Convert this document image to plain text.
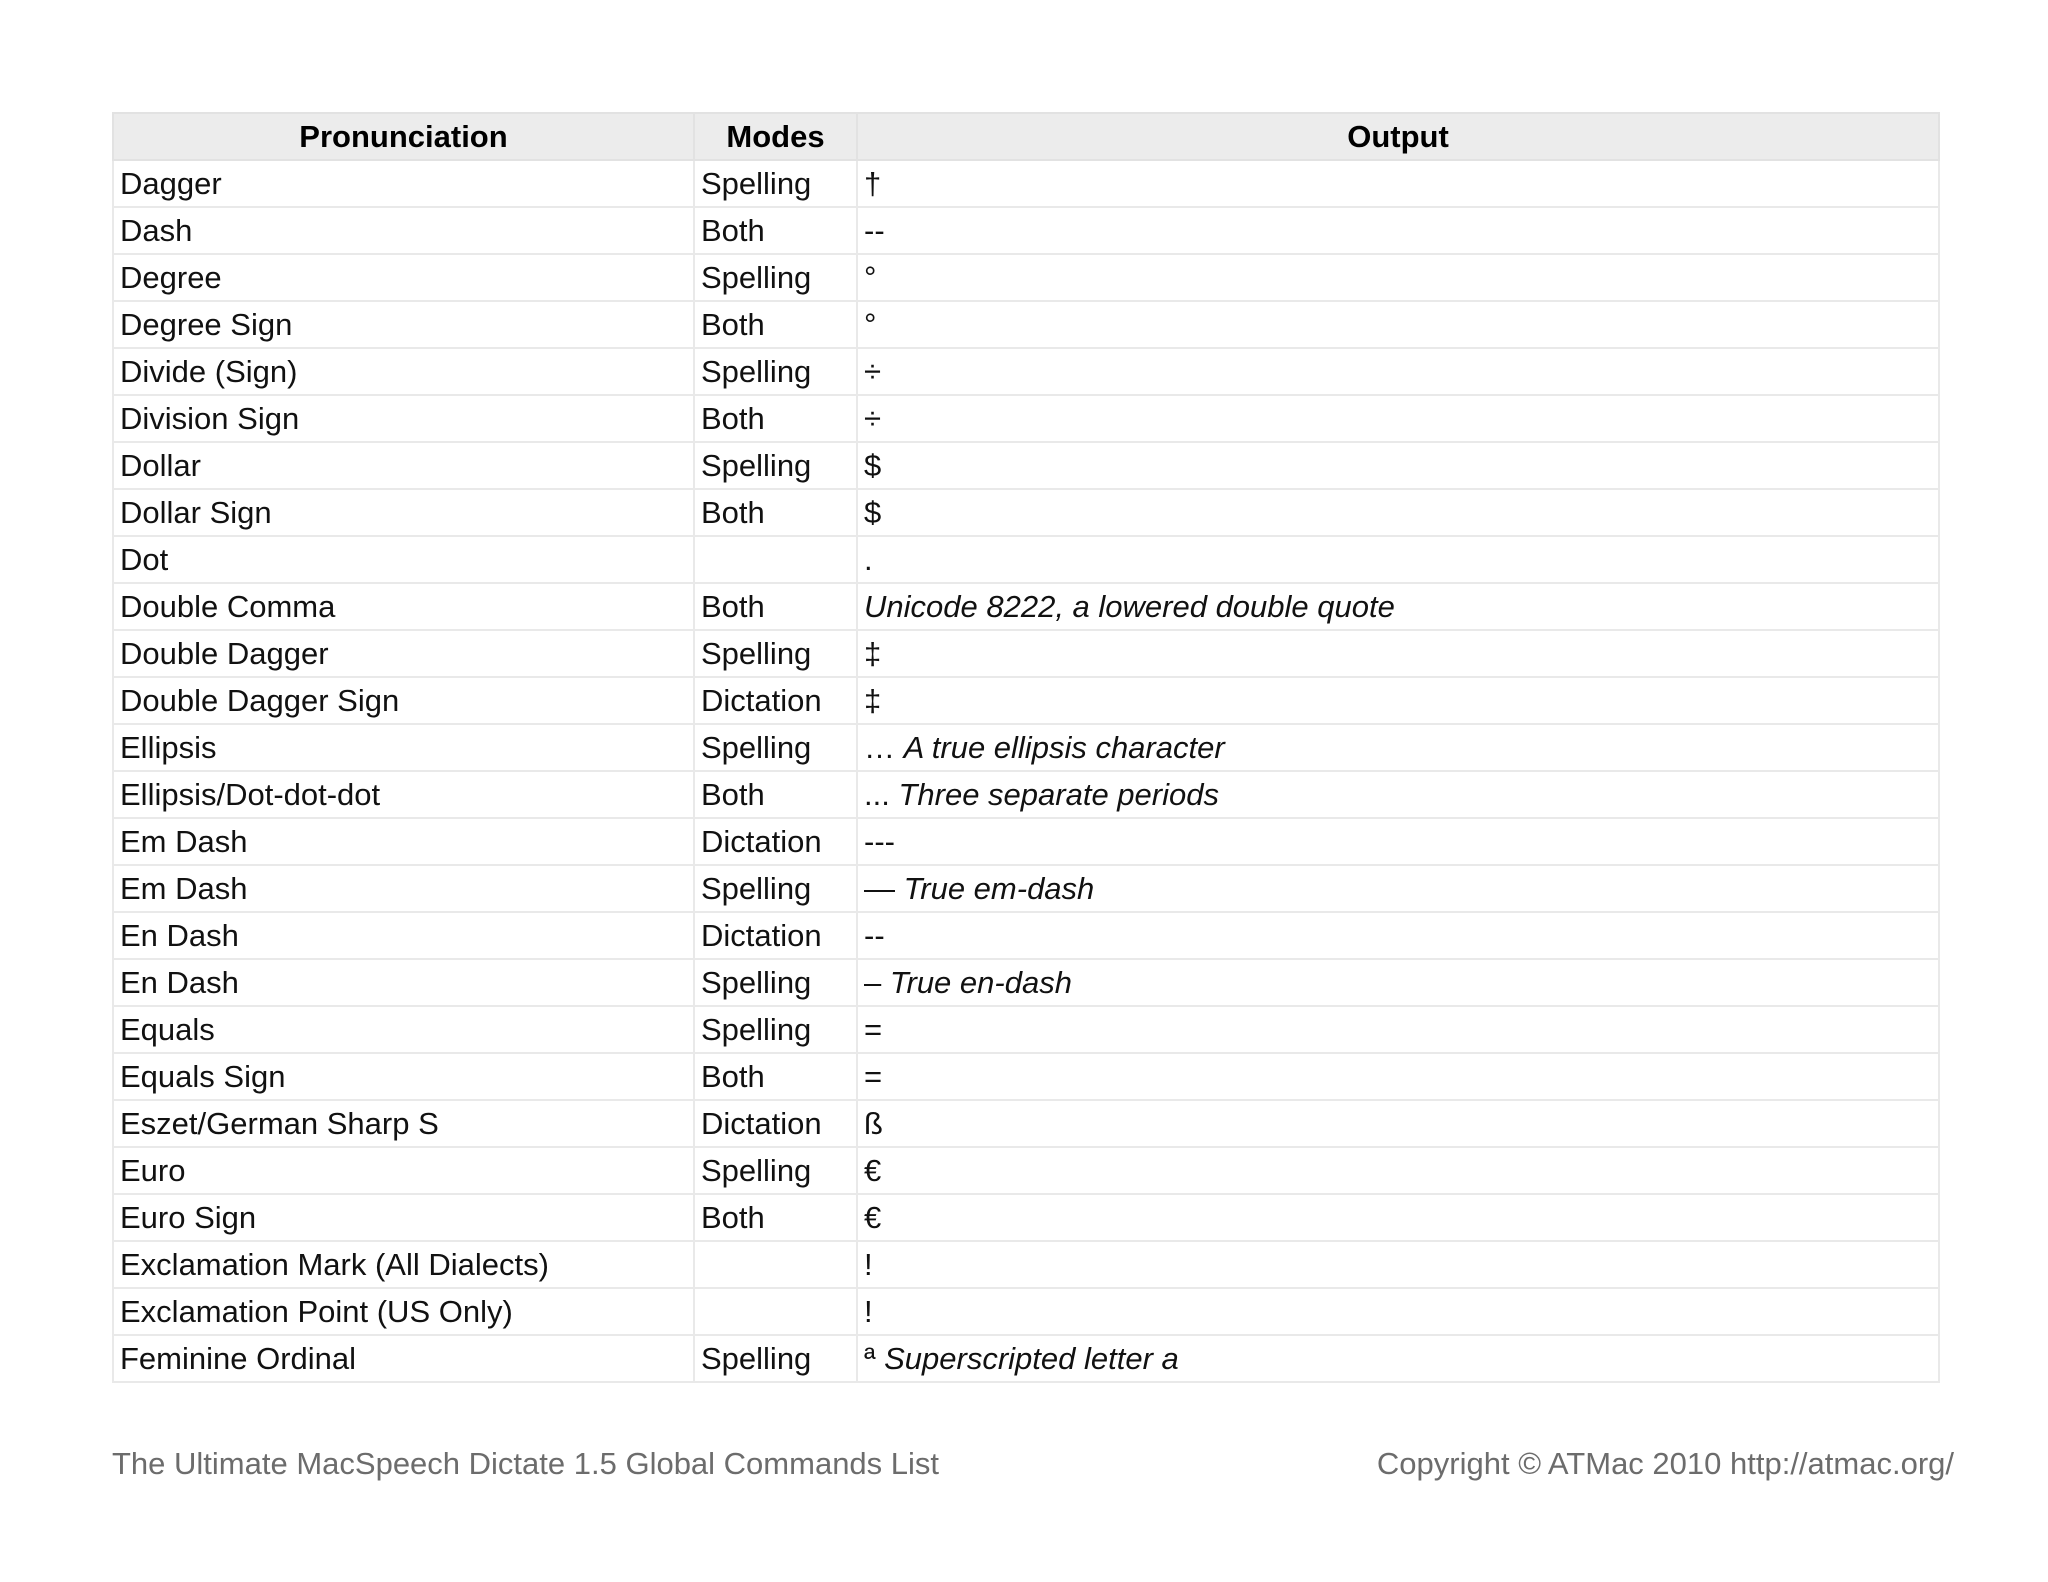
Pronunciation	Modes	Output
Dagger	Spelling	†
Dash	Both	--
Degree	Spelling	°
Degree Sign	Both	°
Divide (Sign)	Spelling	÷
Division Sign	Both	÷
Dollar	Spelling	$
Dollar Sign	Both	$
Dot		.
Double Comma	Both	Unicode 8222, a lowered double quote
Double Dagger	Spelling	‡
Double Dagger Sign	Dictation	‡
Ellipsis	Spelling	… A true ellipsis character
Ellipsis/Dot-dot-dot	Both	... Three separate periods
Em Dash	Dictation	---
Em Dash	Spelling	— True em-dash
En Dash	Dictation	--
En Dash	Spelling	– True en-dash
Equals	Spelling	=
Equals Sign	Both	=
Eszet/German Sharp S	Dictation	ß
Euro	Spelling	€
Euro Sign	Both	€
Exclamation Mark (All Dialects)		!
Exclamation Point (US Only)		!
Feminine Ordinal	Spelling	ª Superscripted letter a
The Ultimate MacSpeech Dictate 1.5 Global Commands List	Copyright © ATMac 2010 http://atmac.org/
